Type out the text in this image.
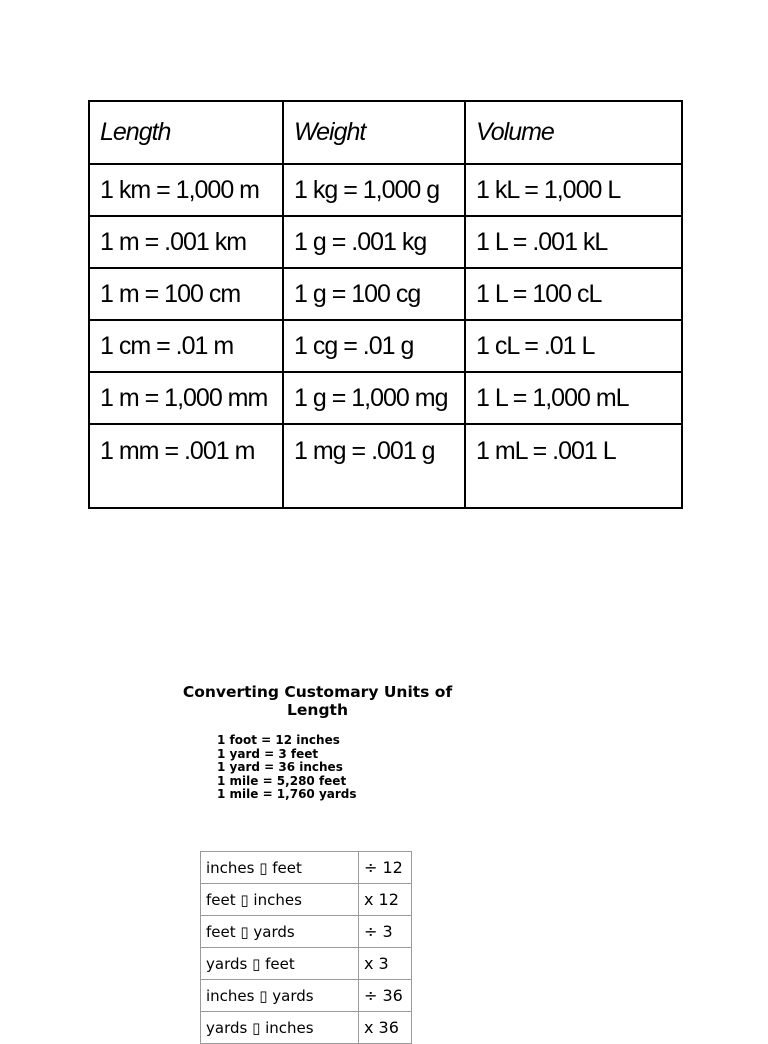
Length	Weight	Volume
1 km = 1,000 m	1 kg = 1,000 g	1 kL = 1,000 L
1 m = .001 km	1 g = .001 kg	1 L = .001 kL
1 m = 100 cm	1 g = 100 cg	1 L = 100 cL
1 cm = .01 m	1 cg = .01 g	1 cL = .01 L
1 m = 1,000 mm	1 g = 1,000 mg	1 L = 1,000 mL
1 mm = .001 m	1 mg = .001 g	1 mL = .001 L
Converting Customary Units of
Length
1 foot = 12 inches
1 yard = 3 feet
1 yard = 36 inches
1 mile = 5,280 feet
1 mile = 1,760 yards
inches ▯ feet	÷ 12
feet ▯ inches	x 12
feet ▯ yards	÷ 3
yards ▯ feet	x 3
inches ▯ yards	÷ 36
yards ▯ inches	x 36
